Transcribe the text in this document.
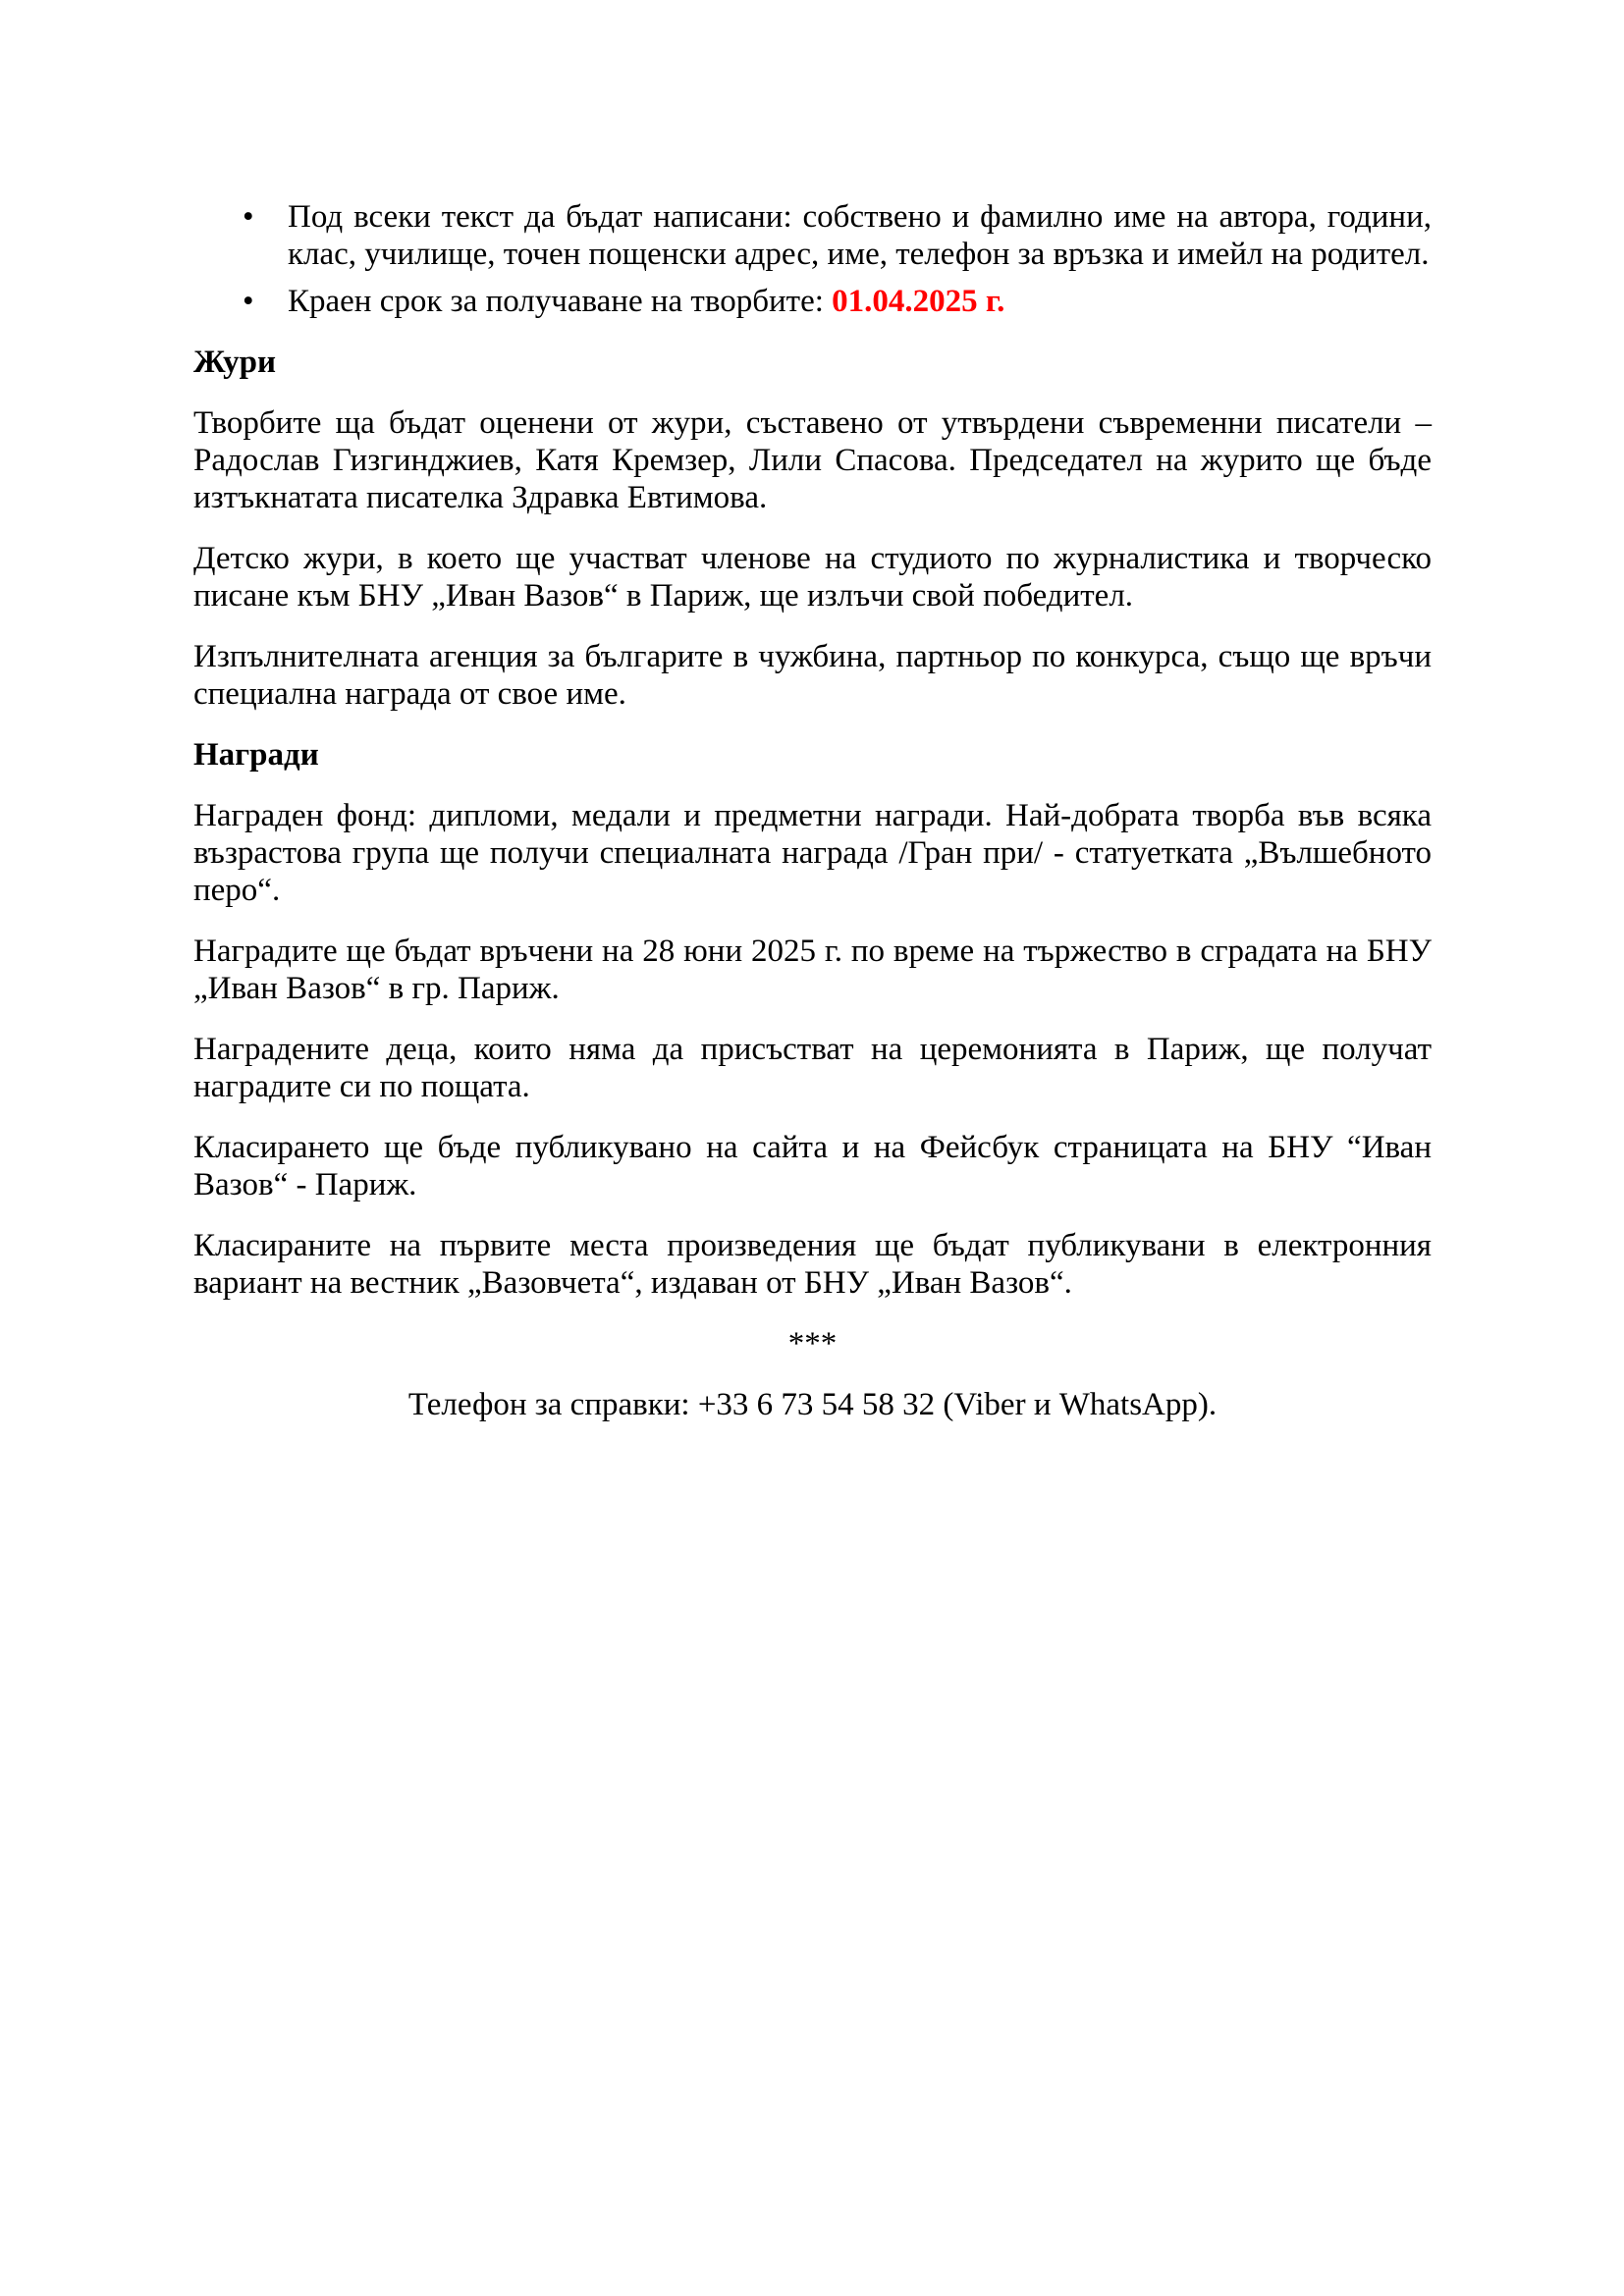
• Под всеки текст да бъдат написани: собствено и фамилно име на автора, години, клас, училище, точен пощенски адрес, име, телефон за връзка и имейл на родител.
• Краен срок за получаване на творбите: 01.04.2025 г.
Жури

Творбите ща бъдат оценени от жури, съставено от утвърдени съвременни писатели – Радослав Гизгинджиев, Катя Кремзер, Лили Спасова. Председател на журито ще бъде изтъкнатата писателка Здравка Евтимова.

Детско жури, в което ще участват членове на студиото по журналистика и творческо писане към БНУ „Иван Вазов“ в Париж, ще излъчи свой победител.

Изпълнителната агенция за българите в чужбина, партньор по конкурса, също ще връчи специална награда от свое име.

Награди

Награден фонд: дипломи, медали и предметни награди. Най-добрата творба във всяка възрастова група ще получи специалната награда /Гран при/ - статуетката „Вълшебното перо“.

Наградите ще бъдат връчени на 28 юни 2025 г. по време на тържество в сградата на БНУ „Иван Вазов“ в гр. Париж.

Наградените деца, които няма да присъстват на церемонията в Париж, ще получат наградите си по пощата.

Класирането ще бъде публикувано на сайта и на Фейсбук страницата на БНУ “Иван Вазов“ - Париж.

Класираните на първите места произведения ще бъдат публикувани в електронния вариант на вестник „Вазовчета“, издаван от БНУ „Иван Вазов“.

***

Телефон за справки: +33 6 73 54 58 32 (Viber и WhatsApp).
